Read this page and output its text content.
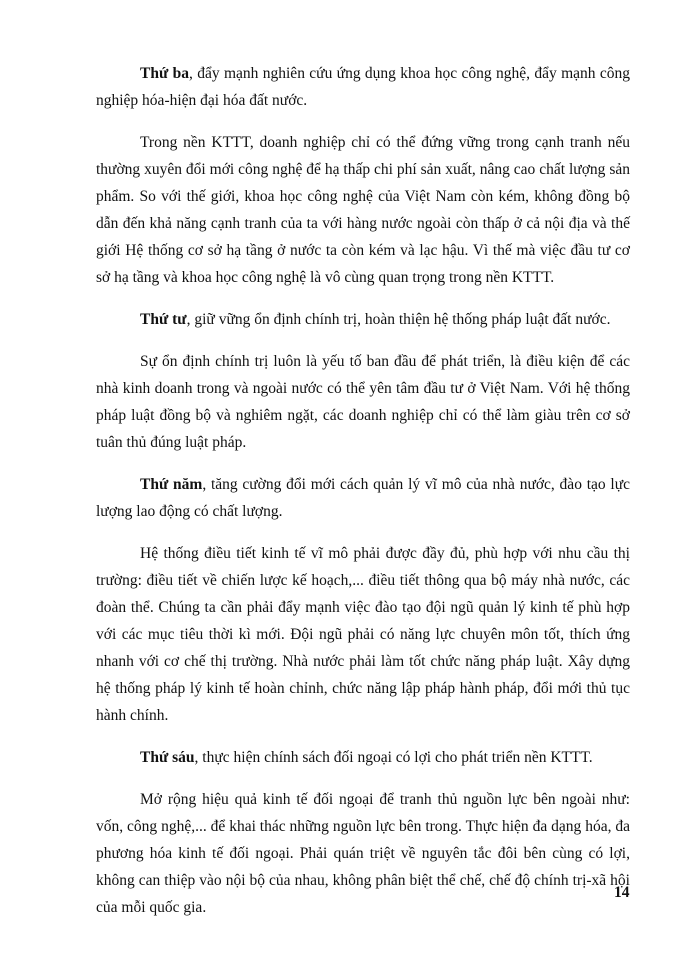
Thứ ba, đẩy mạnh nghiên cứu ứng dụng khoa học công nghệ, đẩy mạnh công nghiệp hóa-hiện đại hóa đất nước.

Trong nền KTTT, doanh nghiệp chỉ có thể đứng vững trong cạnh tranh nếu thường xuyên đổi mới công nghệ để hạ thấp chi phí sản xuất, nâng cao chất lượng sản phẩm. So với thế giới, khoa học công nghệ của Việt Nam còn kém, không đồng bộ dẫn đến khả năng cạnh tranh của ta với hàng nước ngoài còn thấp ở cả nội địa và thế giới Hệ thống cơ sở hạ tầng ở nước ta còn kém và lạc hậu. Vì thế mà việc đầu tư cơ sở hạ tầng và khoa học công nghệ là vô cùng quan trọng trong nền KTTT.

Thứ tư, giữ vững ổn định chính trị, hoàn thiện hệ thống pháp luật đất nước.

Sự ổn định chính trị luôn là yếu tố ban đầu để phát triển, là điều kiện để các nhà kinh doanh trong và ngoài nước có thể yên tâm đầu tư ở Việt Nam. Với hệ thống pháp luật đồng bộ và nghiêm ngặt, các doanh nghiệp chỉ có thể làm giàu trên cơ sở tuân thủ đúng luật pháp.

Thứ năm, tăng cường đổi mới cách quản lý vĩ mô của nhà nước, đào tạo lực lượng lao động có chất lượng.

Hệ thống điều tiết kinh tế vĩ mô phải được đầy đủ, phù hợp với nhu cầu thị trường: điều tiết về chiến lược kế hoạch,... điều tiết thông qua bộ máy nhà nước, các đoàn thể. Chúng ta cần phải đẩy mạnh việc đào tạo đội ngũ quản lý kinh tế phù hợp với các mục tiêu thời kì mới. Đội ngũ phải có năng lực chuyên môn tốt, thích ứng nhanh với cơ chế thị trường. Nhà nước phải làm tốt chức năng pháp luật. Xây dựng hệ thống pháp lý kinh tế hoàn chỉnh, chức năng lập pháp hành pháp, đổi mới thủ tục hành chính.

Thứ sáu, thực hiện chính sách đối ngoại có lợi cho phát triển nền KTTT.

Mở rộng hiệu quả kinh tế đối ngoại để tranh thủ nguồn lực bên ngoài như: vốn, công nghệ,... để khai thác những nguồn lực bên trong. Thực hiện đa dạng hóa, đa phương hóa kinh tế đối ngoại. Phải quán triệt về nguyên tắc đôi bên cùng có lợi, không can thiệp vào nội bộ của nhau, không phân biệt thể chế, chế độ chính trị-xã hội của mỗi quốc gia.

14
